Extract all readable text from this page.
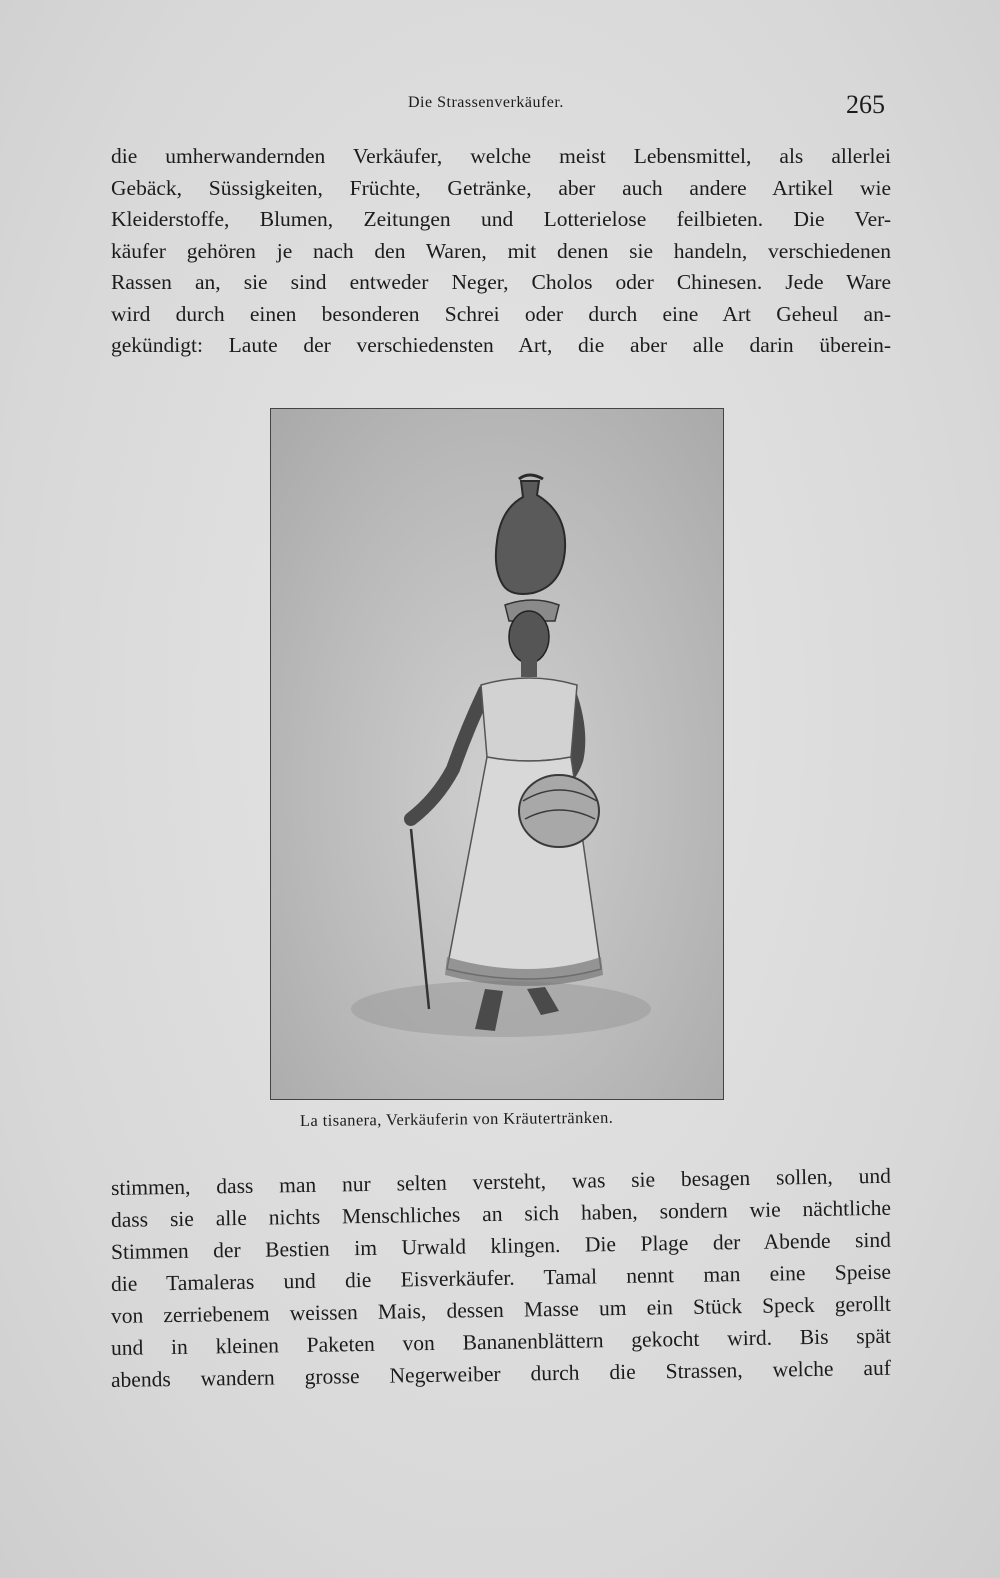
Die Strassenverkäufer.	265
die umherwandernden Verkäufer, welche meist Lebensmittel, als allerlei
Gebäck, Süssigkeiten, Früchte, Getränke, aber auch andere Artikel wie
Kleiderstoffe, Blumen, Zeitungen und Lotterielose feilbieten. Die Ver-
käufer gehören je nach den Waren, mit denen sie handeln, verschiedenen
Rassen an, sie sind entweder Neger, Cholos oder Chinesen. Jede Ware
wird durch einen besonderen Schrei oder durch eine Art Geheul an-
gekündigt: Laute der verschiedensten Art, die aber alle darin überein-
La tisanera, Verkäuferin von Kräutertränken.
stimmen, dass man nur selten versteht, was sie besagen sollen, und
dass sie alle nichts Menschliches an sich haben, sondern wie nächtliche
Stimmen der Bestien im Urwald klingen. Die Plage der Abende sind
die Tamaleras und die Eisverkäufer. Tamal nennt man eine Speise
von zerriebenem weissen Mais, dessen Masse um ein Stück Speck gerollt
und in kleinen Paketen von Bananenblättern gekocht wird. Bis spät
abends wandern grosse Negerweiber durch die Strassen, welche auf
